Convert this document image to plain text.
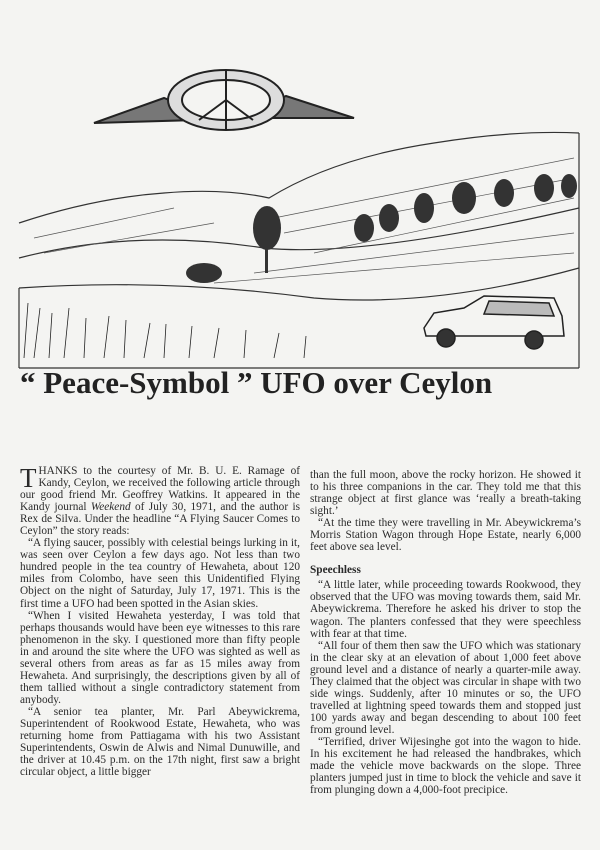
“ Peace-Symbol ” UFO over Ceylon

THANKS to the courtesy of Mr. B. U. E. Ramage of Kandy, Ceylon, we received the following article through our good friend Mr. Geoffrey Watkins. It appeared in the Kandy journal Weekend of July 30, 1971, and the author is Rex de Silva. Under the headline “A Flying Saucer Comes to Ceylon” the story reads:

“A flying saucer, possibly with celestial beings lurking in it, was seen over Ceylon a few days ago. Not less than two hundred people in the tea country of Hewaheta, about 120 miles from Colombo, have seen this Unidentified Flying Object on the night of Saturday, July 17, 1971. This is the first time a UFO had been spotted in the Asian skies.

“When I visited Hewaheta yesterday, I was told that perhaps thousands would have been eye witnesses to this rare phenomenon in the sky. I questioned more than fifty people in and around the site where the UFO was sighted as well as several others from areas as far as 15 miles away from Hewaheta. And surprisingly, the descriptions given by all of them tallied without a single contradictory statement from anybody.

“A senior tea planter, Mr. Parl Abeywickrema, Superintendent of Rookwood Estate, Hewaheta, who was returning home from Pattiagama with his two Assistant Superintendents, Oswin de Alwis and Nimal Dunuwille, and the driver at 10.45 p.m. on the 17th night, first saw a bright circular object, a little bigger

than the full moon, above the rocky horizon. He showed it to his three companions in the car. They told me that this strange object at first glance was ‘really a breath-taking sight.’

“At the time they were travelling in Mr. Abeywickrema’s Morris Station Wagon through Hope Estate, nearly 6,000 feet above sea level.

Speechless

“A little later, while proceeding towards Rookwood, they observed that the UFO was moving towards them, said Mr. Abeywickrema. Therefore he asked his driver to stop the wagon. The planters confessed that they were speechless with fear at that time.

“All four of them then saw the UFO which was stationary in the clear sky at an elevation of about 1,000 feet above ground level and a distance of nearly a quarter-mile away. They claimed that the object was circular in shape with two side wings. Suddenly, after 10 minutes or so, the UFO travelled at lightning speed towards them and stopped just 100 yards away and began descending to about 100 feet from ground level.

“Terrified, driver Wijesinghe got into the wagon to hide. In his excitement he had released the handbrakes, which made the vehicle move backwards on the slope. Three planters jumped just in time to block the vehicle and save it from plunging down a 4,000-foot precipice.
